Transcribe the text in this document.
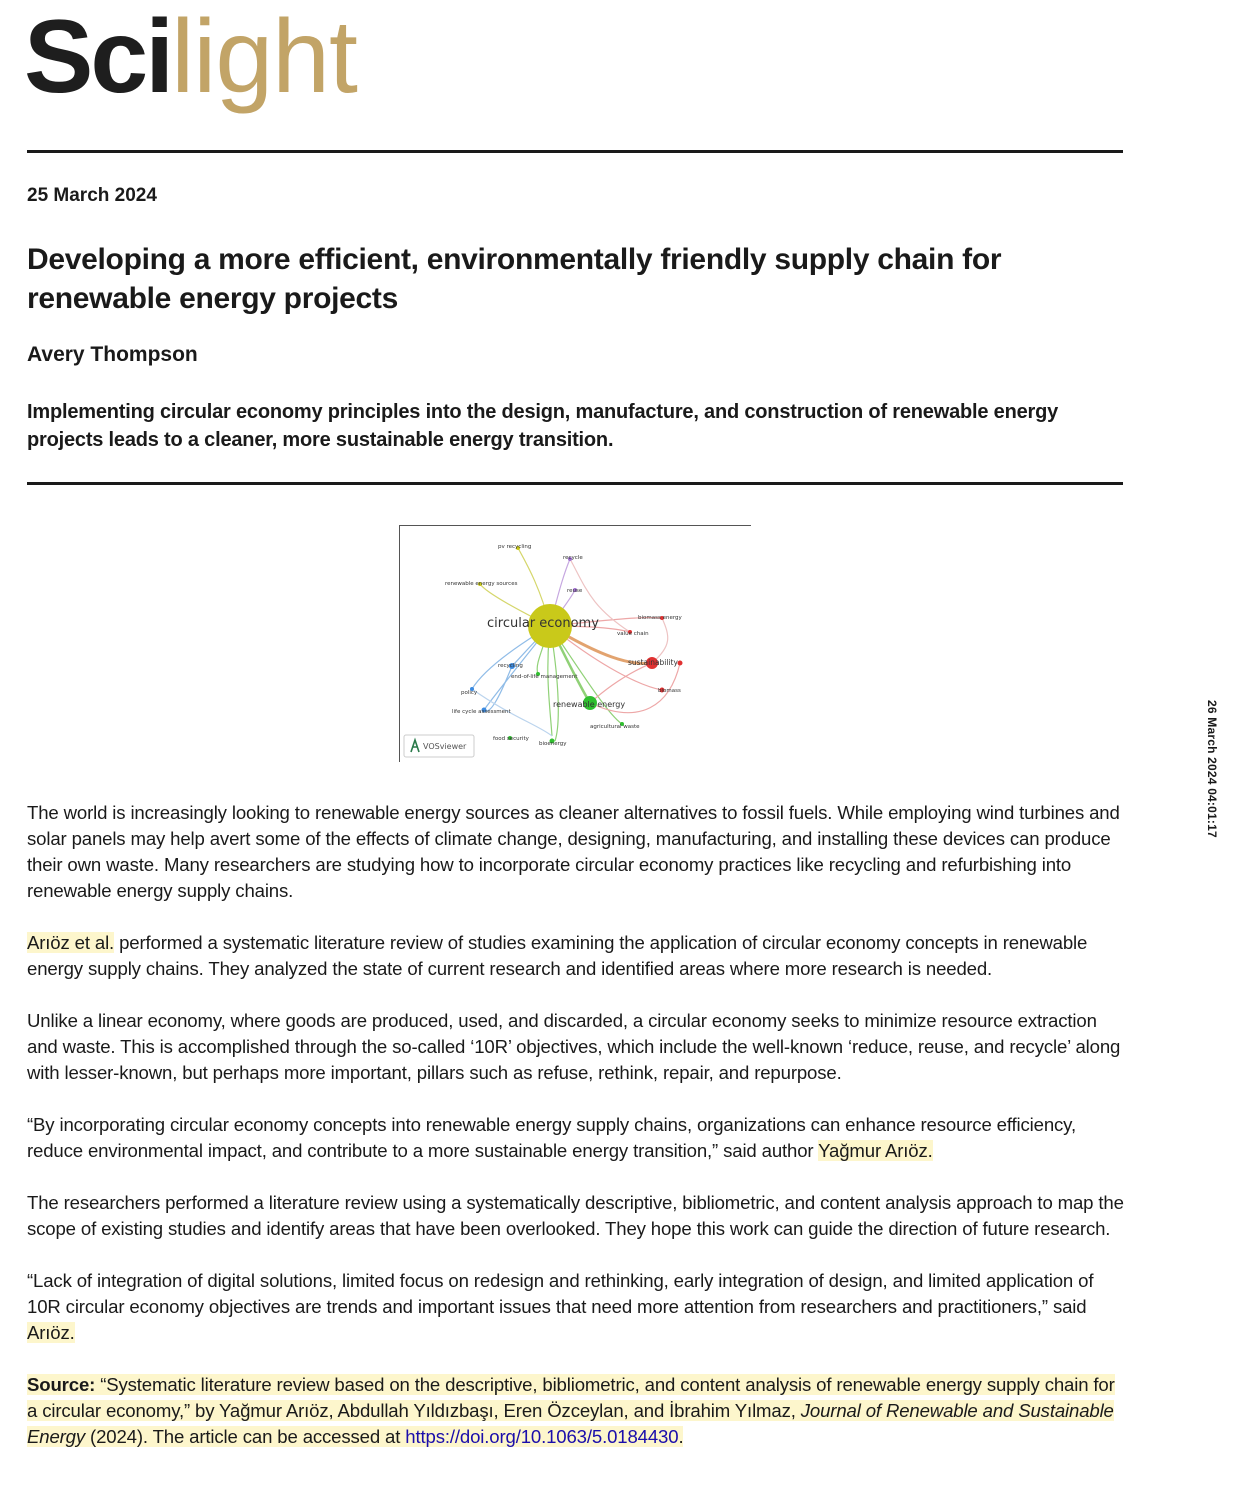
Scilight
25 March 2024
Developing a more efficient, environmentally friendly supply chain for renewable energy projects
Avery Thompson
Implementing circular economy principles into the design, manufacture, and construction of renewable energy projects leads to a cleaner, more sustainable energy transition.
circular economy
pv recycling
recycle
renewable energy sources
reuse
biomass energy
value chain
sustainability
recycling
end-of-life management
biomass
policy
renewable energy
life cycle assessment
agricultural waste
food security
bioenergy
VOSviewer	26 March 2024 04:01:17

The world is increasingly looking to renewable energy sources as cleaner alternatives to fossil fuels. While employing wind turbines and solar panels may help avert some of the effects of climate change, designing, manufacturing, and installing these devices can produce their own waste. Many researchers are studying how to incorporate circular economy practices like recycling and refurbishing into renewable energy supply chains.

Arıöz et al. performed a systematic literature review of studies examining the application of circular economy concepts in renewable energy supply chains. They analyzed the state of current research and identified areas where more research is needed.

Unlike a linear economy, where goods are produced, used, and discarded, a circular economy seeks to minimize resource extraction and waste. This is accomplished through the so-called ‘10R’ objectives, which include the well-known ‘reduce, reuse, and recycle’ along with lesser-known, but perhaps more important, pillars such as refuse, rethink, repair, and repurpose.

“By incorporating circular economy concepts into renewable energy supply chains, organizations can enhance resource efficiency, reduce environmental impact, and contribute to a more sustainable energy transition,” said author Yağmur Arıöz.

The researchers performed a literature review using a systematically descriptive, bibliometric, and content analysis approach to map the scope of existing studies and identify areas that have been overlooked. They hope this work can guide the direction of future research.

“Lack of integration of digital solutions, limited focus on redesign and rethinking, early integration of design, and limited application of 10R circular economy objectives are trends and important issues that need more attention from researchers and practitioners,” said Arıöz.

Source: “Systematic literature review based on the descriptive, bibliometric, and content analysis of renewable energy supply chain for a circular economy,” by Yağmur Arıöz, Abdullah Yıldızbaşı, Eren Özceylan, and İbrahim Yılmaz, Journal of Renewable and Sustainable Energy (2024). The article can be accessed at https://doi.org/10.1063/5.0184430.
